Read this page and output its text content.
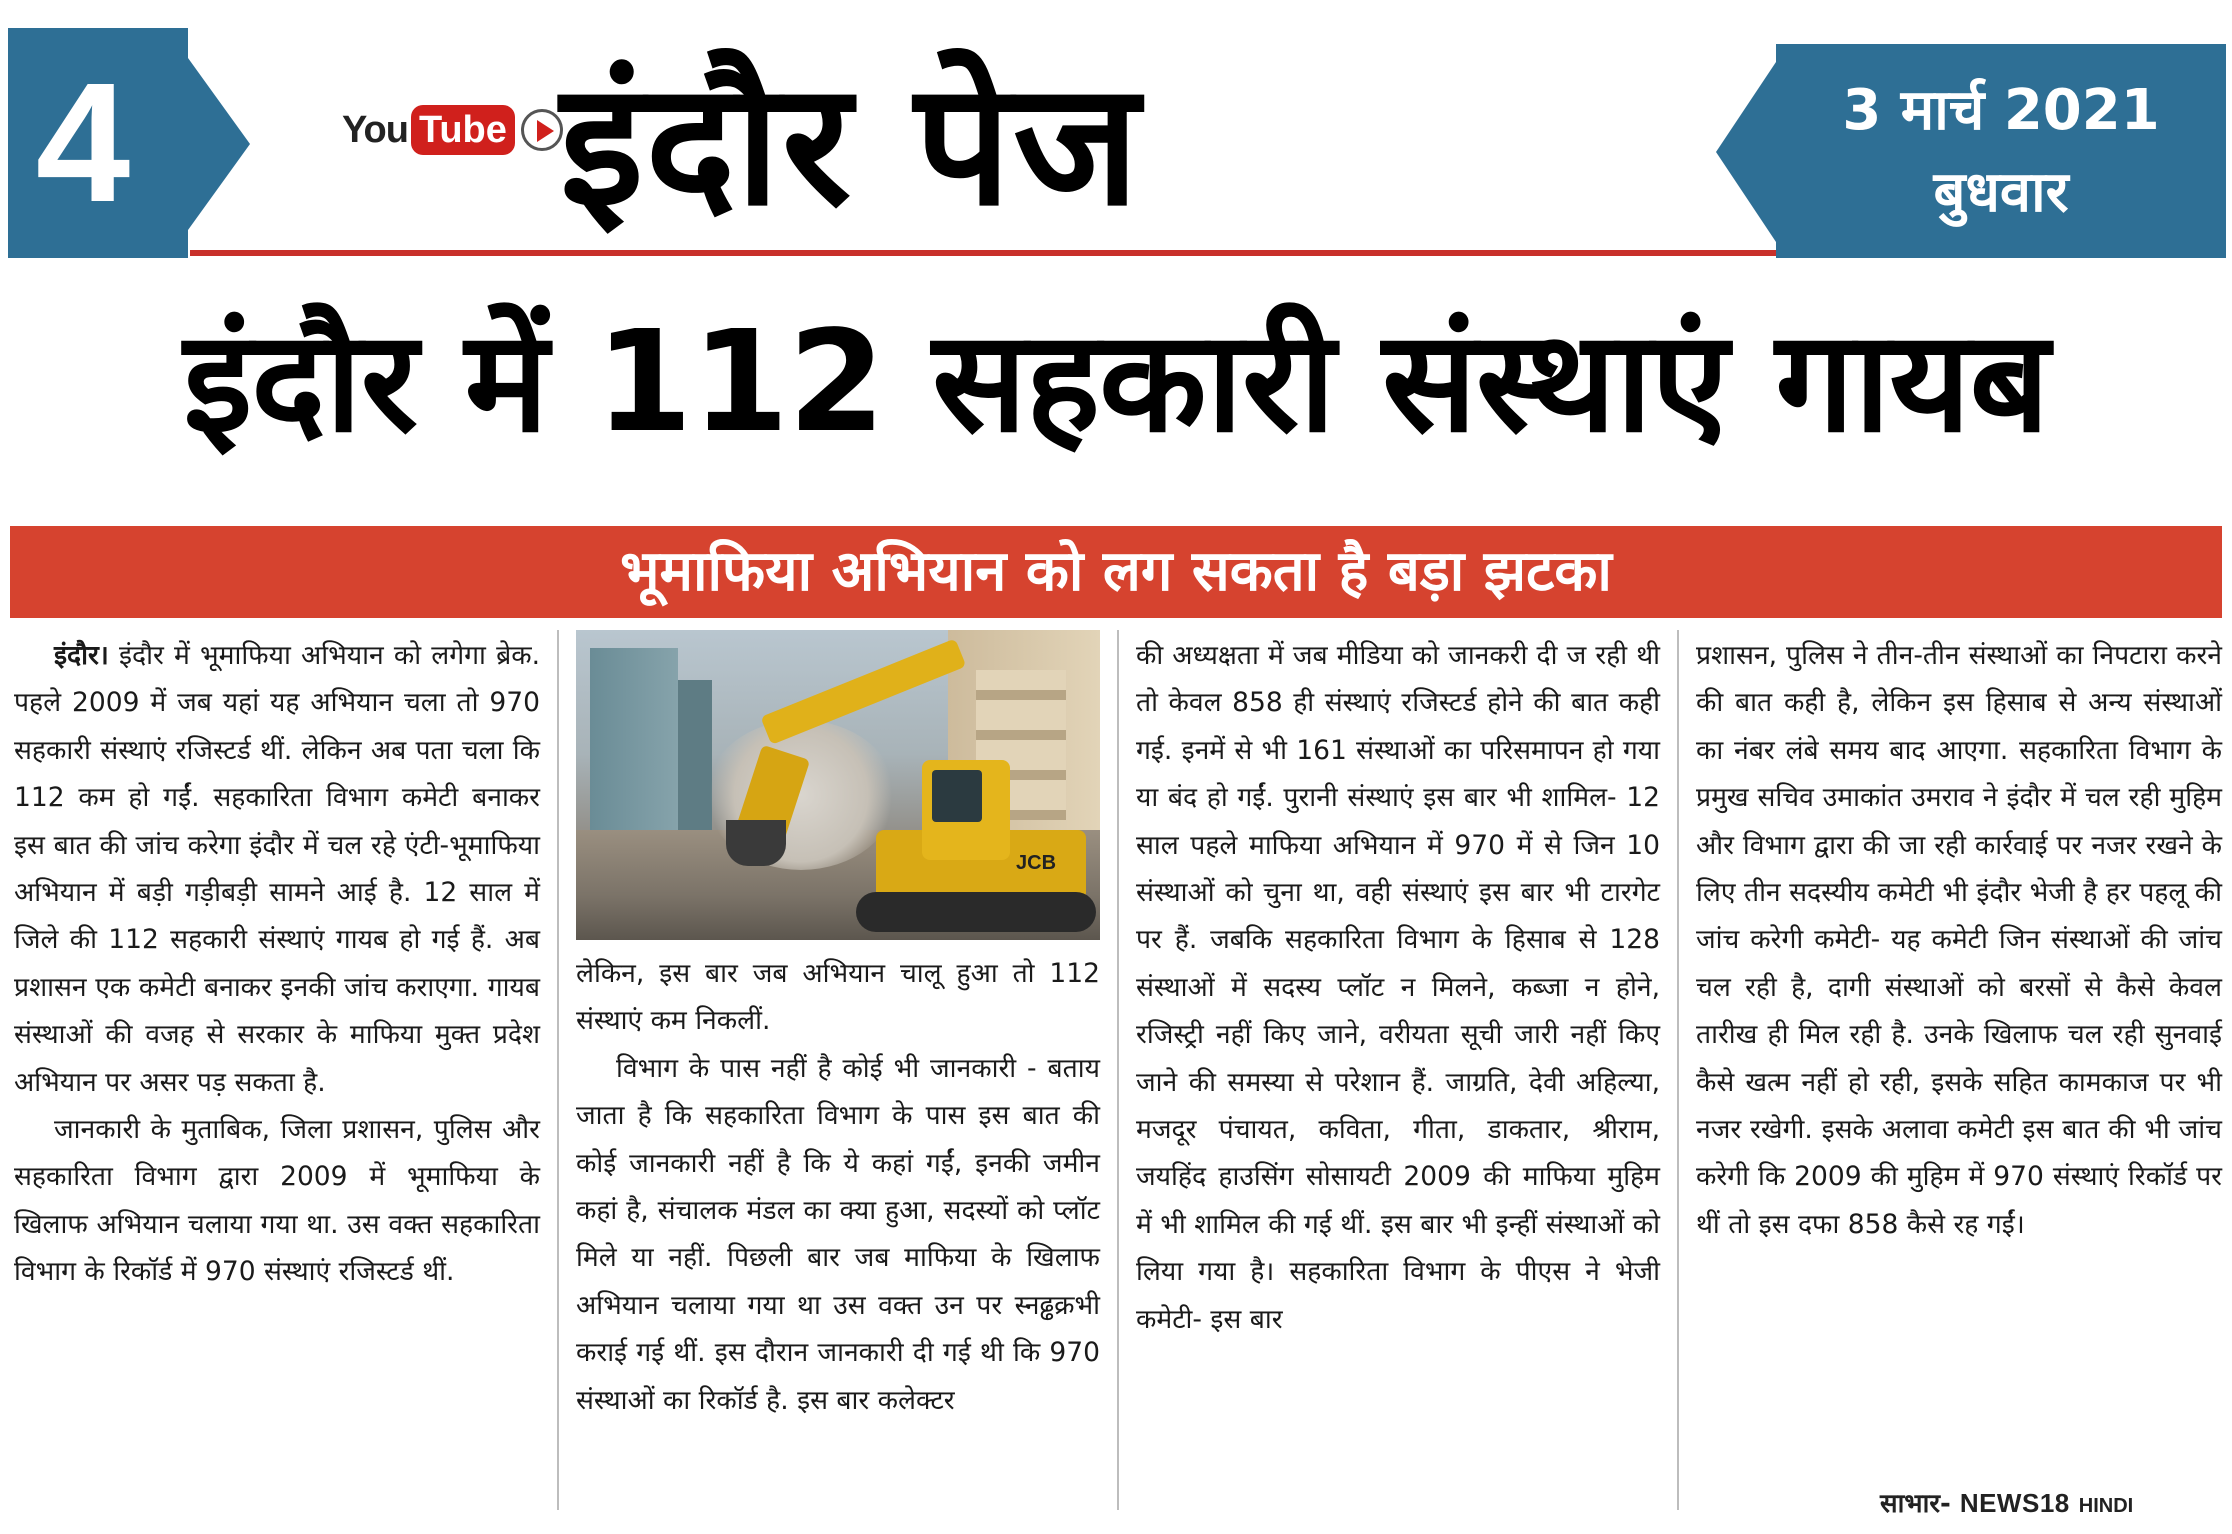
4	You Tube इंदौर पेज	3 मार्च 2021
बुधवार
इंदौर में 112 सहकारी संस्थाएं गायब
भूमाफिया अभियान को लग सकता है बड़ा झटका
JCB

इंदौर। इंदौर में भूमाफिया अभियान को लगेगा ब्रेक. पहले 2009 में जब यहां यह अभियान चला तो 970 सहकारी संस्थाएं रजिस्टर्ड थीं. लेकिन अब पता चला कि 112 कम हो गईं. सहकारिता विभाग कमेटी बनाकर इस बात की जांच करेगा इंदौर में चल रहे एंटी-भूमाफिया अभियान में बड़ी गड़ीबड़ी सामने आई है. 12 साल में जिले की 112 सहकारी संस्थाएं गायब हो गई हैं. अब प्रशासन एक कमेटी बनाकर इनकी जांच कराएगा. गायब संस्थाओं की वजह से सरकार के माफिया मुक्त प्रदेश अभियान पर असर पड़ सकता है.

जानकारी के मुताबिक, जिला प्रशासन, पुलिस और सहकारिता विभाग द्वारा 2009 में भूमाफिया के खिलाफ अभियान चलाया गया था. उस वक्त सहकारिता विभाग के रिकॉर्ड में 970 संस्थाएं रजिस्टर्ड थीं.

लेकिन, इस बार जब अभियान चालू हुआ तो 112 संस्थाएं कम निकलीं.

विभाग के पास नहीं है कोई भी जानकारी - बताय जाता है कि सहकारिता विभाग के पास इस बात की कोई जानकारी नहीं है कि ये कहां गईं, इनकी जमीन कहां है, संचालक मंडल का क्या हुआ, सदस्यों को प्लॉट मिले या नहीं. पिछली बार जब माफिया के खिलाफ अभियान चलाया गया था उस वक्त उन पर स्नढ्ढक्रभी कराई गई थीं. इस दौरान जानकारी दी गई थी कि 970 संस्थाओं का रिकॉर्ड है. इस बार कलेक्टर

की अध्यक्षता में जब मीडिया को जानकरी दी ज रही थी तो केवल 858 ही संस्थाएं रजिस्टर्ड होने की बात कही गई. इनमें से भी 161 संस्थाओं का परिसमापन हो गया या बंद हो गईं. पुरानी संस्थाएं इस बार भी शामिल- 12 साल पहले माफिया अभियान में 970 में से जिन 10 संस्थाओं को चुना था, वही संस्थाएं इस बार भी टारगेट पर हैं. जबकि सहकारिता विभाग के हिसाब से 128 संस्थाओं में सदस्य प्लॉट न मिलने, कब्जा न होने, रजिस्ट्री नहीं किए जाने, वरीयता सूची जारी नहीं किए जाने की समस्या से परेशान हैं. जाग्रति, देवी अहिल्या, मजदूर पंचायत, कविता, गीता, डाकतार, श्रीराम, जयहिंद हाउसिंग सोसायटी 2009 की माफिया मुहिम में भी शामिल की गई थीं. इस बार भी इन्हीं संस्थाओं को लिया गया है। सहकारिता विभाग के पीएस ने भेजी कमेटी- इस बार

प्रशासन, पुलिस ने तीन-तीन संस्थाओं का निपटारा करने की बात कही है, लेकिन इस हिसाब से अन्य संस्थाओं का नंबर लंबे समय बाद आएगा. सहकारिता विभाग के प्रमुख सचिव उमाकांत उमराव ने इंदौर में चल रही मुहिम और विभाग द्वारा की जा रही कार्रवाई पर नजर रखने के लिए तीन सदस्यीय कमेटी भी इंदौर भेजी है हर पहलू की जांच करेगी कमेटी- यह कमेटी जिन संस्थाओं की जांच चल रही है, दागी संस्थाओं को बरसों से कैसे केवल तारीख ही मिल रही है. उनके खिलाफ चल रही सुनवाई कैसे खत्म नहीं हो रही, इसके सहित कामकाज पर भी नजर रखेगी. इसके अलावा कमेटी इस बात की भी जांच करेगी कि 2009 की मुहिम में 970 संस्थाएं रिकॉर्ड पर थीं तो इस दफा 858 कैसे रह गईं।

साभार- NEWS18 HINDI
